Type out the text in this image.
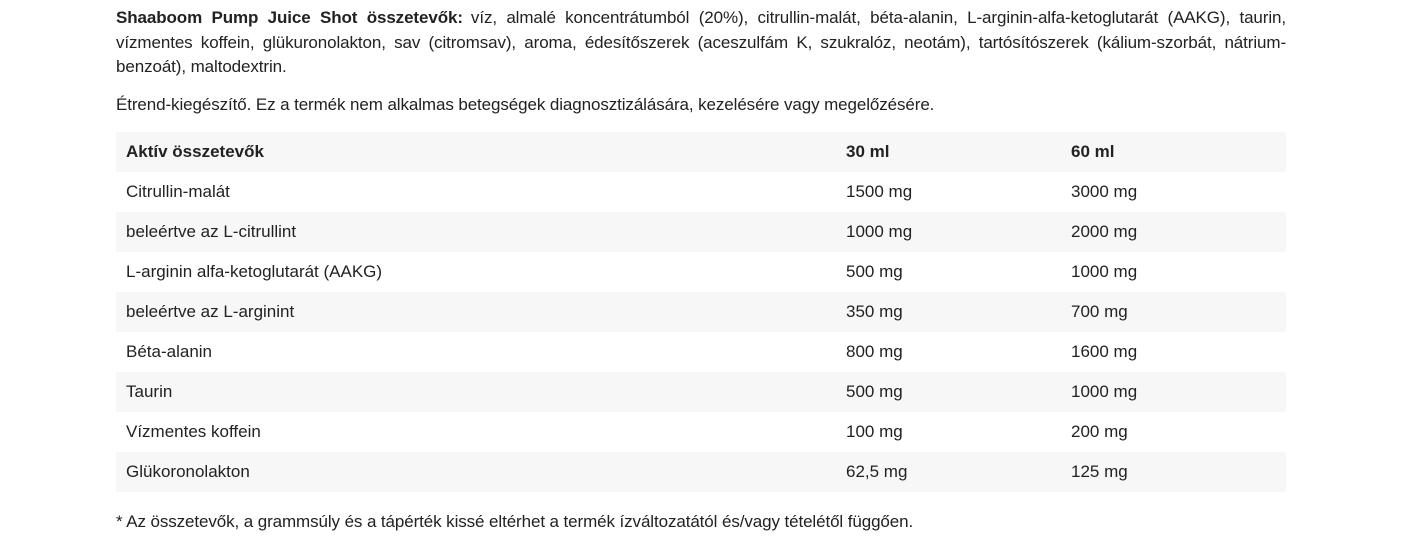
Shaaboom Pump Juice Shot összetevők: víz, almalé koncentrátumból (20%), citrullin-malát, béta-alanin, L-arginin-alfa-ketoglutarát (AAKG), taurin, vízmentes koffein, glükuronolakton, sav (citromsav), aroma, édesítőszerek (aceszulfám K, szukralóz, neotám), tartósítószerek (kálium-szorbát, nátrium-benzoát), maltodextrin.

Étrend-kiegészítő. Ez a termék nem alkalmas betegségek diagnosztizálására, kezelésére vagy megelőzésére.

Aktív összetevők	30 ml	60 ml
Citrullin-malát	1500 mg	3000 mg
beleértve az L-citrullint	1000 mg	2000 mg
L-arginin alfa-ketoglutarát (AAKG)	500 mg	1000 mg
beleértve az L-arginint	350 mg	700 mg
Béta-alanin	800 mg	1600 mg
Taurin	500 mg	1000 mg
Vízmentes koffein	100 mg	200 mg
Glükoronolakton	62,5 mg	125 mg

* Az összetevők, a grammsúly és a tápérték kissé eltérhet a termék ízváltozatától és/vagy tételétől függően.
